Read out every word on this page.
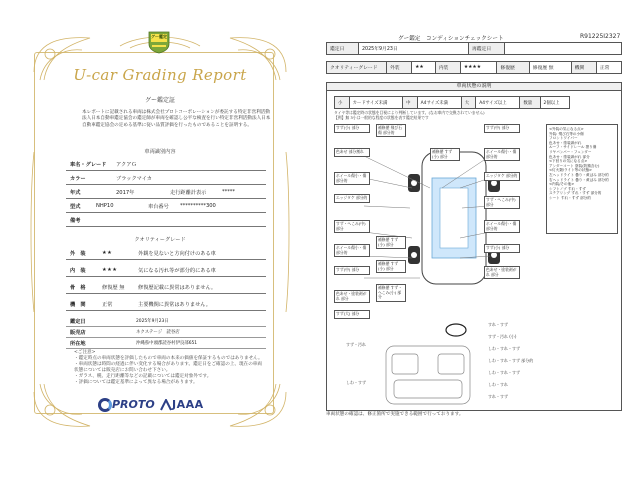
グー鑑定
U-car Grading Report
グー鑑定証
本レポートに記載される車両は株式会社プロトコーポレーションが委託する特定非営利活動法人日本自動車鑑定協会の鑑定師が車両を確認し公平な検査を行い特定非営利活動法人日本自動車鑑定協会の定める基準に従い品質評価を行ったものであることを証明する。
車両識別内容
車名・グレード アクアＧ
カラー	ブラックマイカ
年式	2017年	走行距離計表示	*****
型式	NHP10	車台番号 **********300
備考
クオリティーグレード
外　装	★★	外観を見ないと方向付けのある車
内　装	★★★	気になる汚れ等が部分的にある車
骨　格	修復歴 無	修復歴記載に異常はありません。
機　関	正常	主要機関に異常はありません。
鑑定日	2025年9月23日
販売店	ネクステージ　読谷店
所在地	沖縄県中頭郡読谷村伊良部651
<ご注意>
・鑑定時点の車両状態を評価したもので車両の本来の価値を保証するものではありません。
・車両状態は時間の経過に伴い変化する場合があります。鑑定日をご確認の上、現在の車両状態については販売店にお問い合わせ下さい。
・ガラス、幌、走行距離等などの記載については鑑定対象外です。
・評価については鑑定基準によって異なる場合があります。
PROTO JAAA
グー鑑定　コンディションチェックシート	R91225I2327
鑑定日	2025年9月23日	再鑑定日	
クオリティーグレード	外装	★★	内装	★★★★	修復歴	修復歴 無	機関	正常
車両状態の説明
小	カードサイズ未満	中	A4サイズ未満	大	A4サイズ以上	数量	2個以上
タイヤ等は鑑定時の状態を目視により判断しています。(なお車内で交換されていません)
【例】無 3小は一般的な程度の状態を表す鑑定結果です
すず(小) 部分
色あせ 部分割れ
ホイール傷小・傷 部分的
エッジタケ 部分的
すず・へこみ(中) 部分
ホイール傷小・傷 部分的
すず(中) 部分
色あせ・塗装剥がれ 部分
すず(大) 部分
補修歴 飛び石傷 部分的
補修歴 すず(小) 部分
補修歴 すず(小) 部分
補修歴 すず・へこみ(小) 部分
補修歴 すず(小) 部分
すず(中) 部分
ホイール傷小・傷 部分的
エッジタケ 部分的
すず・へこみ(中) 部分
ホイール傷小・傷 部分的
すず(小) 部分
色あせ・塗装剥がれ 部分
<外装の気になる点>
外装: 飛び石等の小傷
フロントワイパー
色あせ・塗装剥がれ
ルーフ・サイドレール 擦り傷
リヤバンパー・フェンダー
色あせ・塗装剥がれ 部分
<下回りの気になる点>
アンダーコート 塗装(防錆含む)
<灯火類/ライト等の状態>
左ヘッドライト 曇り・黄ばみ 部分的
右ヘッドライト 曇り・黄ばみ 部分的
<内装/その他>
シフトノブ すれ・すず
ステアリング すれ・すず 部分的
シート すれ・すず 部分的
すれ・すず
すず・汚れ
すず・汚れ (小)
しわ・すれ・すず
しわ・すれ・すず 部分的
しわ・すれ・すず
しわ・すれ
すれ・すず
しわ・すず
車両状態の確認は、修正箇所で実施できる範囲で行っております。
